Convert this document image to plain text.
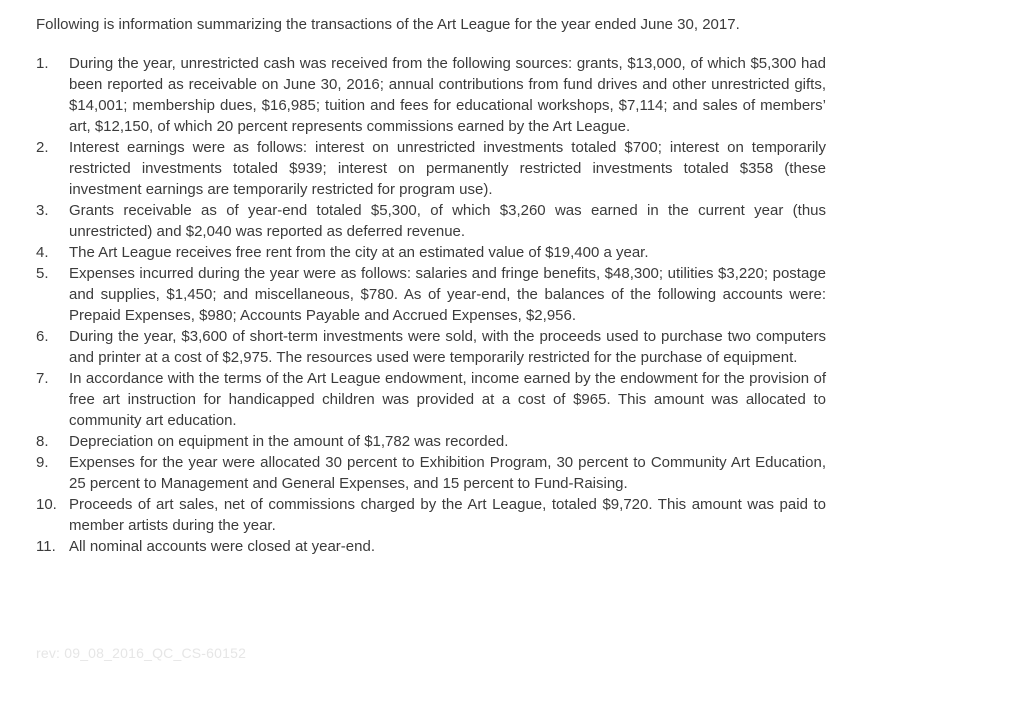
Following is information summarizing the transactions of the Art League for the year ended June 30, 2017.

1. During the year, unrestricted cash was received from the following sources: grants, $13,000, of which $5,300 had been reported as receivable on June 30, 2016; annual contributions from fund drives and other unrestricted gifts, $14,001; membership dues, $16,985; tuition and fees for educational workshops, $7,114; and sales of members’ art, $12,150, of which 20 percent represents commissions earned by the Art League.
2. Interest earnings were as follows: interest on unrestricted investments totaled $700; interest on temporarily restricted investments totaled $939; interest on permanently restricted investments totaled $358 (these investment earnings are temporarily restricted for program use).
3. Grants receivable as of year-end totaled $5,300, of which $3,260 was earned in the current year (thus unrestricted) and $2,040 was reported as deferred revenue.
4. The Art League receives free rent from the city at an estimated value of $19,400 a year.
5. Expenses incurred during the year were as follows: salaries and fringe benefits, $48,300; utilities $3,220; postage and supplies, $1,450; and miscellaneous, $780. As of year-end, the balances of the following accounts were: Prepaid Expenses, $980; Accounts Payable and Accrued Expenses, $2,956.
6. During the year, $3,600 of short-term investments were sold, with the proceeds used to purchase two computers and printer at a cost of $2,975. The resources used were temporarily restricted for the purchase of equipment.
7. In accordance with the terms of the Art League endowment, income earned by the endowment for the provision of free art instruction for handicapped children was provided at a cost of $965. This amount was allocated to community art education.
8. Depreciation on equipment in the amount of $1,782 was recorded.
9. Expenses for the year were allocated 30 percent to Exhibition Program, 30 percent to Community Art Education, 25 percent to Management and General Expenses, and 15 percent to Fund-Raising.
10. Proceeds of art sales, net of commissions charged by the Art League, totaled $9,720. This amount was paid to member artists during the year.
11. All nominal accounts were closed at year-end.
rev: 09_08_2016_QC_CS-60152
